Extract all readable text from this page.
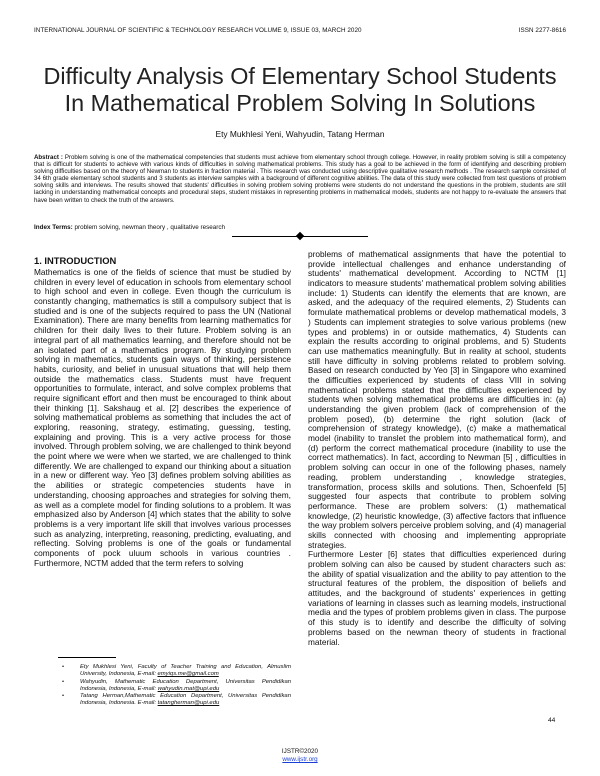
INTERNATIONAL JOURNAL OF SCIENTIFIC & TECHNOLOGY RESEARCH VOLUME 9, ISSUE 03, MARCH 2020	ISSN 2277-8616
Difficulty Analysis Of Elementary School Students
In Mathematical Problem Solving In Solutions
Ety Mukhlesi Yeni, Wahyudin, Tatang Herman
Abstract : Problem solving is one of the mathematical competencies that students must achieve from elementary school through college. However, in reality problem solving is still a competency that is difficult for students to achieve with various kinds of difficulties in solving mathematical problems. This study has a goal to be achieved in the form of identifying and describing problem solving difficulties based on the theory of Newman to students in fraction material . This research was conducted using descriptive qualitative research methods . The research sample consisted of 34 6th grade elementary school students and 3 students as interview samples with a background of different cognitive abilities. The data of this study were collected from test questions of problem solving skills and interviews. The results showed that students' difficulties in solving problem solving problems were students do not understand the questions in the problem, students are still lacking in understanding mathematical concepts and procedural steps, student mistakes in representing problems in mathematical models, students are not happy to re-evaluate the answers that have been written to check the truth of the answers.
Index Terms: problem solving, newman theory , qualitative research
1. INTRODUCTION
Mathematics is one of the fields of science that must be studied by children in every level of education in schools from elementary school to high school and even in college. Even though the curriculum is constantly changing, mathematics is still a compulsory subject that is studied and is one of the subjects required to pass the UN (National Examination). There are many benefits from learning mathematics for children for their daily lives to their future. Problem solving is an integral part of all mathematics learning, and therefore should not be an isolated part of a mathematics program. By studying problem solving in mathematics, students gain ways of thinking, persistence habits, curiosity, and belief in unusual situations that will help them outside the mathematics class. Students must have frequent opportunities to formulate, interact, and solve complex problems that require significant effort and then must be encouraged to think about their thinking [1]. Sakshaug et al. [2] describes the experience of solving mathematical problems as something that includes the act of exploring, reasoning, strategy, estimating, guessing, testing, explaining and proving. This is a very active process for those involved. Through problem solving, we are challenged to think beyond the point where we were when we started, we are challenged to think differently. We are challenged to expand our thinking about a situation in a new or different way. Yeo [3] defines problem solving abilities as the abilities or strategic competencies students have in understanding, choosing approaches and strategies for solving them, as well as a complete model for finding solutions to a problem. It was emphasized also by Anderson [4] which states that the ability to solve problems is a very important life skill that involves various processes such as analyzing, interpreting, reasoning, predicting, evaluating, and reflecting. Solving problems is one of the goals or fundamental components of pock uluum schools in various countries . Furthermore, NCTM added that the term refers to solving
problems of mathematical assignments that have the potential to provide intellectual challenges and enhance understanding of students' mathematical development. According to NCTM [1] indicators to measure students' mathematical problem solving abilities include: 1) Students can identify the elements that are known, are asked, and the adequacy of the required elements, 2) Students can formulate mathematical problems or develop mathematical models, 3 ) Students can implement strategies to solve various problems (new types and problems) in or outside mathematics, 4) Students can explain the results according to original problems, and 5) Students can use mathematics meaningfully. But in reality at school, students still have difficulty in solving problems related to problem solving. Based on research conducted by Yeo [3] in Singapore who examined the difficulties experienced by students of class VIII in solving mathematical problems stated that the difficulties experienced by students when solving mathematical problems are difficulties in: (a) understanding the given problem (lack of comprehension of the problem posed), (b) determine the right solution (lack of comprehension of strategy knowledge), (c) make a mathematical model (inability to translet the problem into mathematical form), and (d) perform the correct mathematical procedure (inability to use the correct mathematics). In fact, according to Newman [5] , difficulties in problem solving can occur in one of the following phases, namely reading, problem understanding , knowledge strategies, transformation, process skills and solutions. Then, Schoenfeld [5] suggested four aspects that contribute to problem solving performance. These are problem solvers: (1) mathematical knowledge, (2) heuristic knowledge, (3) affective factors that influence the way problem solvers perceive problem solving, and (4) managerial skills connected with choosing and implementing appropriate strategies.
Furthermore Lester [6] states that difficulties experienced during problem solving can also be caused by student characters such as: the ability of spatial visualization and the ability to pay attention to the structural features of the problem, the disposition of beliefs and attitudes, and the background of students' experiences in getting variations of learning in classes such as learning models, instructional media and the types of problem problems given in class. The purpose of this study is to identify and describe the difficulty of solving problems based on the newman theory of students in fractional material.
•	Ety Mukhlesi Yeni, Faculty of Teacher Training and Education, Almuslim University, Indonesia, E-mail: emyiqs.me@gmail.com
•	Wahyudin, Mathematic Education Department, Universitas Pendidikan Indonesia, Indonesia, E-mail: wahyudin.mat@upi.edu
•	Tatang Herman,Mathematic Education Department, Universitas Pendidikan Indonesia, Indonesia. E-mail: tatangherman@upi.edu
44
IJSTR©2020
www.ijstr.org
